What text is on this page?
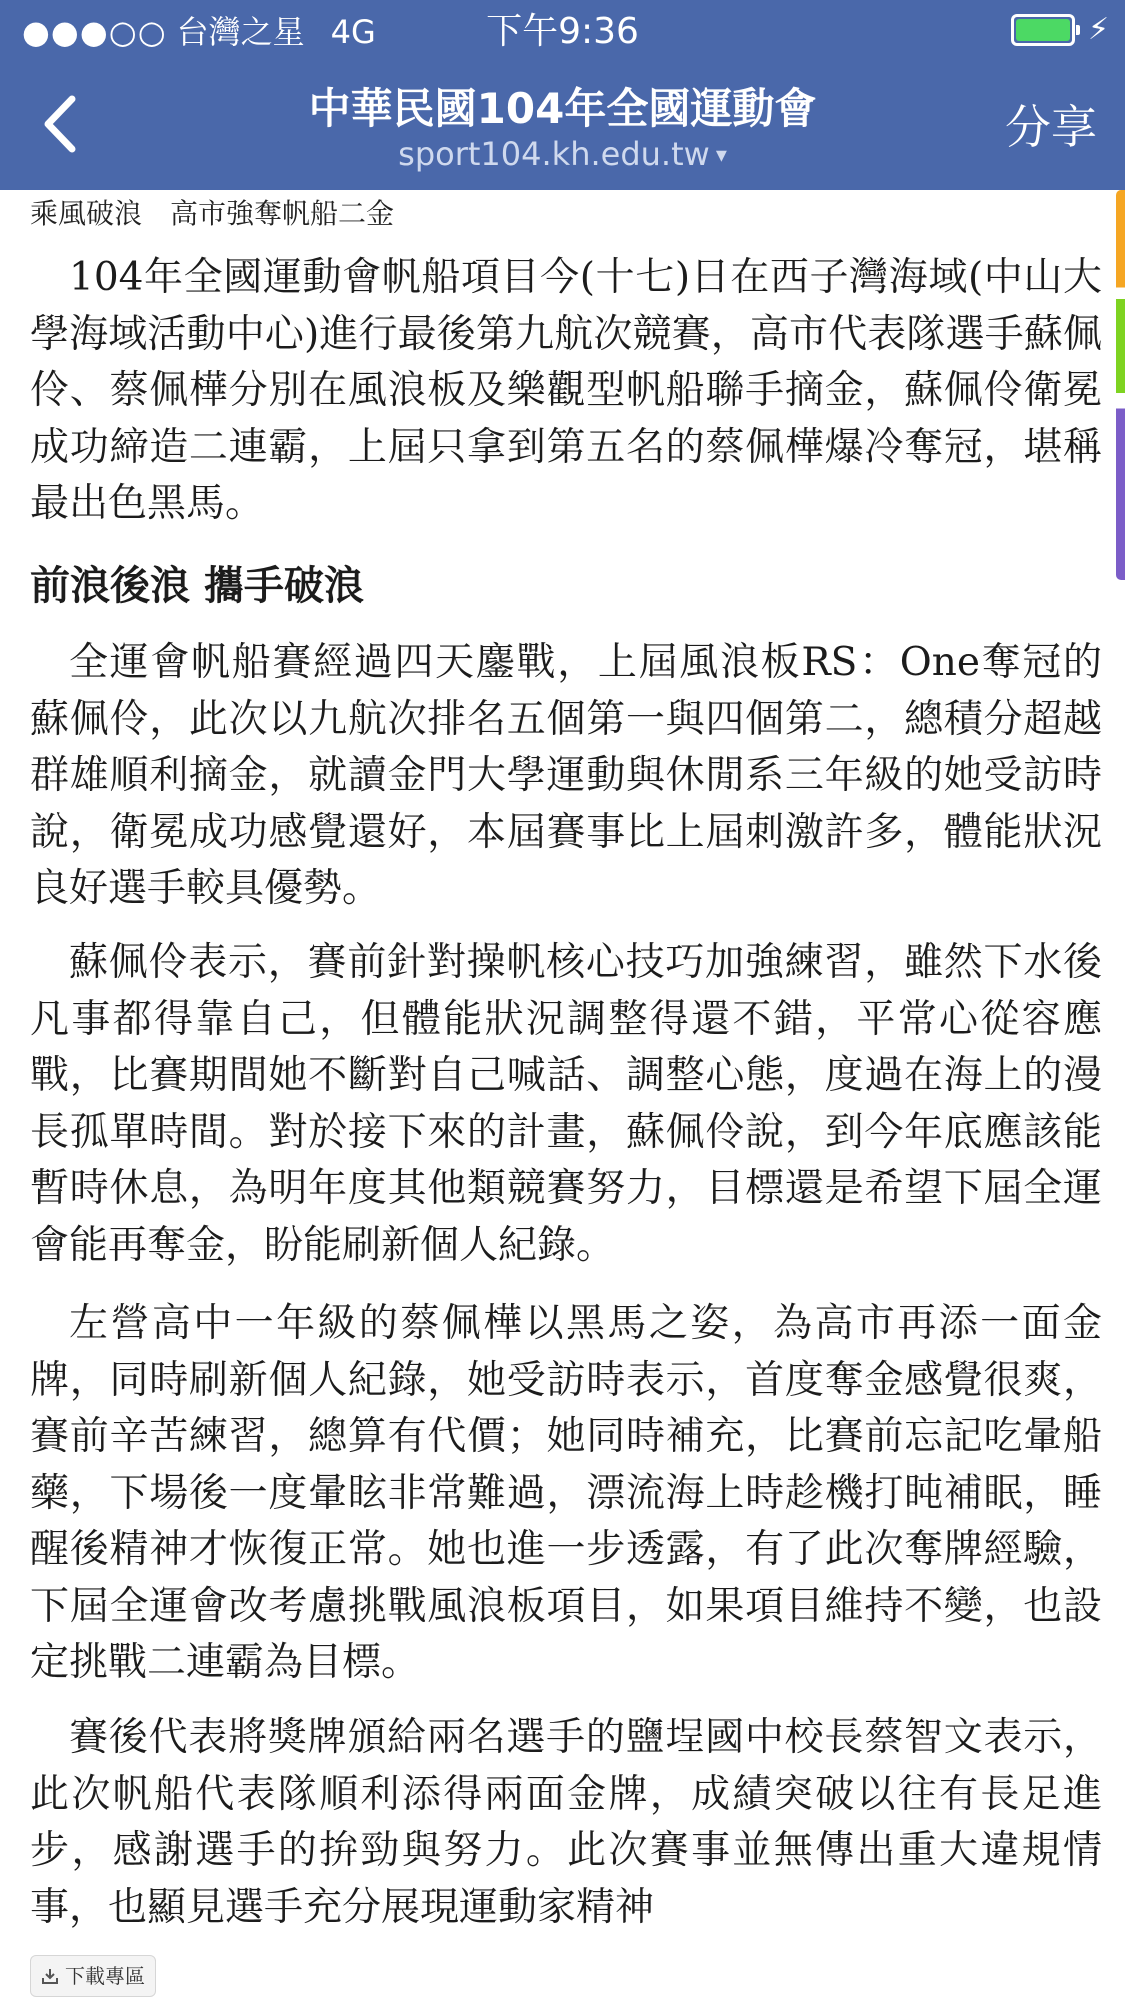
●●●○○ 台灣之星 4G	下午9:36	⚡
中華民國104年全國運動會
sport104.kh.edu.tw ▾
分享
乘風破浪　高市強奪帆船二金

104年全國運動會帆船項目今(十七)日在西子灣海域(中山大學海域活動中心)進行最後第九航次競賽，高市代表隊選手蘇佩伶、蔡佩樺分別在風浪板及樂觀型帆船聯手摘金，蘇佩伶衛冕成功締造二連霸，上屆只拿到第五名的蔡佩樺爆冷奪冠，堪稱最出色黑馬。

前浪後浪 攜手破浪

全運會帆船賽經過四天鏖戰，上屆風浪板RS：One奪冠的蘇佩伶，此次以九航次排名五個第一與四個第二，總積分超越群雄順利摘金，就讀金門大學運動與休閒系三年級的她受訪時說，衛冕成功感覺還好，本屆賽事比上屆刺激許多，體能狀況良好選手較具優勢。

蘇佩伶表示，賽前針對操帆核心技巧加強練習，雖然下水後凡事都得靠自己，但體能狀況調整得還不錯，平常心從容應戰，比賽期間她不斷對自己喊話、調整心態，度過在海上的漫長孤單時間。對於接下來的計畫，蘇佩伶說，到今年底應該能暫時休息，為明年度其他類競賽努力，目標還是希望下屆全運會能再奪金，盼能刷新個人紀錄。

左營高中一年級的蔡佩樺以黑馬之姿，為高市再添一面金牌，同時刷新個人紀錄，她受訪時表示，首度奪金感覺很爽，賽前辛苦練習，總算有代價；她同時補充，比賽前忘記吃暈船藥，下場後一度暈眩非常難過，漂流海上時趁機打盹補眠，睡醒後精神才恢復正常。她也進一步透露，有了此次奪牌經驗，下屆全運會改考慮挑戰風浪板項目，如果項目維持不變，也設定挑戰二連霸為目標。

賽後代表將獎牌頒給兩名選手的鹽埕國中校長蔡智文表示，此次帆船代表隊順利添得兩面金牌，成績突破以往有長足進步，感謝選手的拚勁與努力。此次賽事並無傳出重大違規情事，也顯見選手充分展現運動家精神

下載專區
